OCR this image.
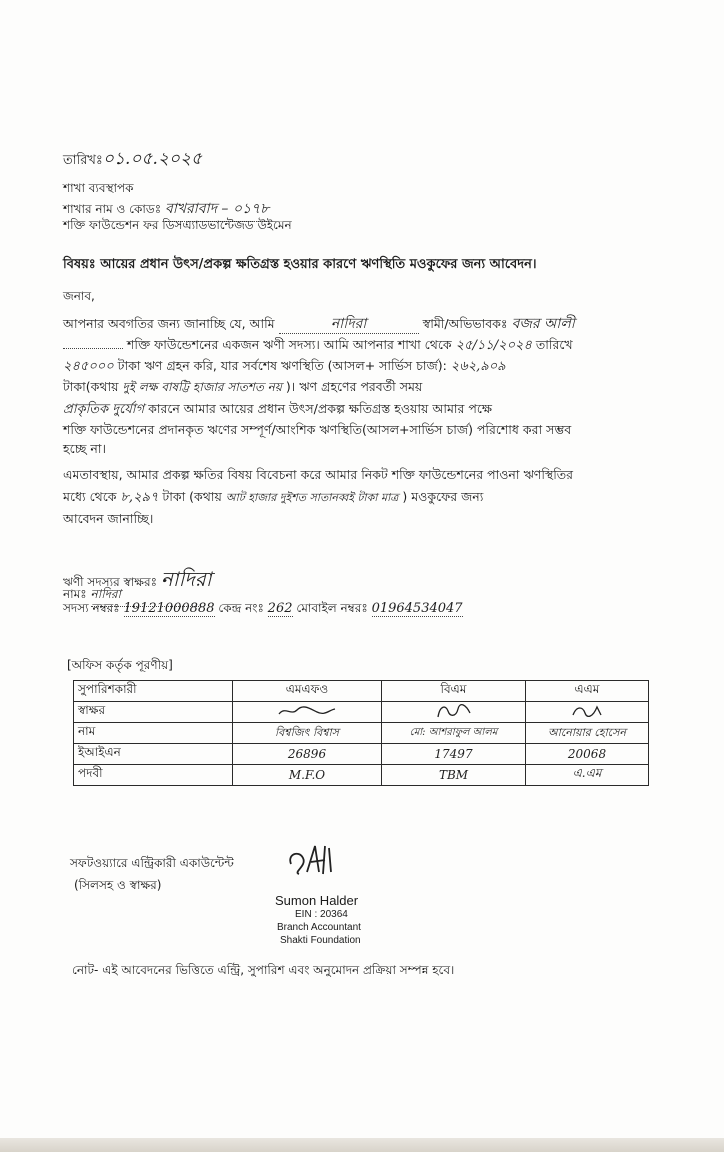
তারিখঃ০১.০৫.২০২৫
শাখা ব্যবস্থাপক
শাখার নাম ও কোডঃ বাখরাবাদ – ০১৭৮
শক্তি ফাউন্ডেশন ফর ডিসএ্যাডভান্টেজড উইমেন
বিষয়ঃ আয়ের প্রধান উৎস/প্রকল্প ক্ষতিগ্রস্ত হওয়ার কারণে ঋণস্থিতি মওকুফের জন্য আবেদন।
জনাব,
আপনার অবগতির জন্য জানাচ্ছি যে, আমি	নাদিরা	স্বামী/অভিভাবকঃ বজর আলী
শক্তি ফাউন্ডেশনের একজন ঋণী সদস্য। আমি আপনার শাখা থেকে ২৫/১১/২০২৪ তারিখে
২৪৫০০০ টাকা ঋণ গ্রহন করি, যার সর্বশেষ ঋণস্থিতি (আসল+ সার্ভিস চার্জ): ২৬২,৯০৯
টাকা(কথায় দুই লক্ষ বাষট্টি হাজার সাতশত নয় )। ঋণ গ্রহণের পরবর্তী সময়
প্রাকৃতিক দুর্যোগ কারনে আমার আয়ের প্রধান উৎস/প্রকল্প ক্ষতিগ্রস্ত হওয়ায় আমার পক্ষে
শক্তি ফাউন্ডেশনের প্রদানকৃত ঋণের সম্পূর্ণ/আংশিক ঋণস্থিতি(আসল+সার্ভিস চার্জ) পরিশোধ করা সম্ভব
হচ্ছে না।
এমতাবস্থায়, আমার প্রকল্প ক্ষতির বিষয় বিবেচনা করে আমার নিকট শক্তি ফাউন্ডেশনের পাওনা ঋণস্থিতির
মধ্যে থেকে ৮,২৯৭ টাকা (কথায় আট হাজার দুইশত সাতানব্বই টাকা মাত্র ) মওকুফের জন্য
আবেদন জানাচ্ছি।
ঋণী সদস্যর স্বাক্ষরঃ নাদিরা
নামঃ নাদিরা
সদস্য নম্বরঃ 19121000888 কেন্দ্র নংঃ 262 মোবাইল নম্বরঃ 01964534047
[অফিস কর্তৃক পূরণীয়]
সুপারিশকারী	এমএফও	বিএম	এএম
স্বাক্ষর			
নাম	বিশ্বজিৎ বিশ্বাস	মো: আশরাফুল আলম	আনোয়ার হোসেন
ইআইএন	26896	17497	20068
পদবী	M.F.O	TBM	এ.এম
সফটওয়্যারে এন্ট্রিকারী একাউন্টেন্ট
(সিলসহ ও স্বাক্ষর)
Sumon Halder
EIN : 20364
Branch Accountant
Shakti Foundation
নোট- এই আবেদনের ভিত্তিতে এন্ট্রি, সুপারিশ এবং অনুমোদন প্রক্রিয়া সম্পন্ন হবে।
